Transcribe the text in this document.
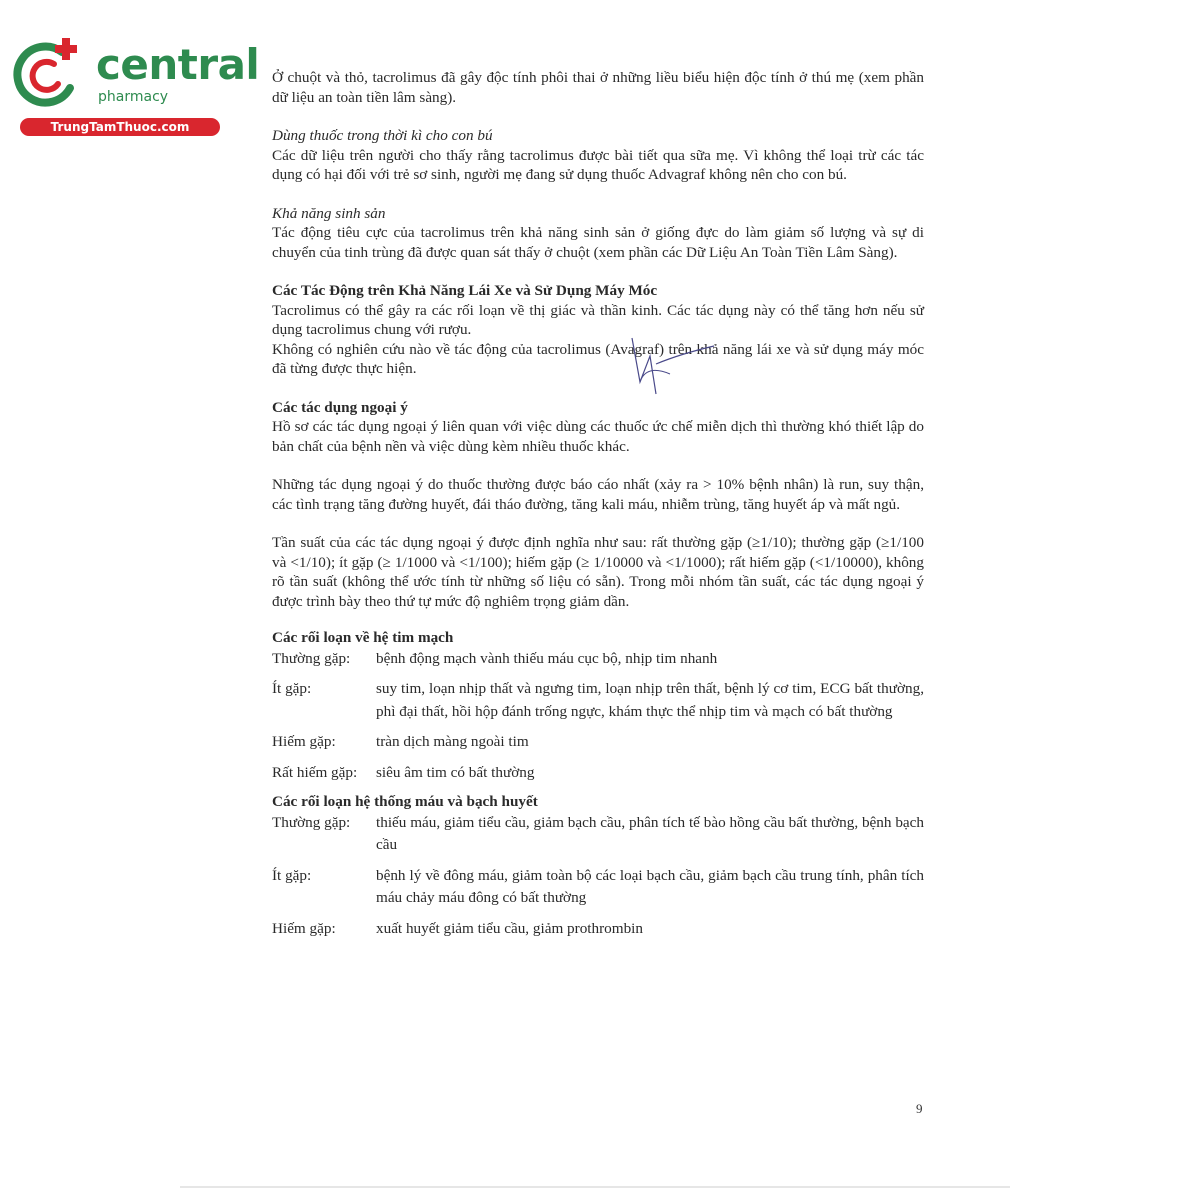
central
pharmacy
TrungTamThuoc.com

Ở chuột và thỏ, tacrolimus đã gây độc tính phôi thai ở những liều biểu hiện độc tính ở thú mẹ (xem phần dữ liệu an toàn tiền lâm sàng).

Dùng thuốc trong thời kì cho con bú

Các dữ liệu trên người cho thấy rằng tacrolimus được bài tiết qua sữa mẹ. Vì không thể loại trừ các tác dụng có hại đối với trẻ sơ sinh, người mẹ đang sử dụng thuốc Advagraf không nên cho con bú.

Khả năng sinh sản

Tác động tiêu cực của tacrolimus trên khả năng sinh sản ở giống đực do làm giảm số lượng và sự di chuyển của tinh trùng đã được quan sát thấy ở chuột (xem phần các Dữ Liệu An Toàn Tiền Lâm Sàng).

Các Tác Động trên Khả Năng Lái Xe và Sử Dụng Máy Móc

Tacrolimus có thể gây ra các rối loạn về thị giác và thần kinh. Các tác dụng này có thể tăng hơn nếu sử dụng tacrolimus chung với rượu.

Không có nghiên cứu nào về tác động của tacrolimus (Avagraf) trên khả năng lái xe và sử dụng máy móc đã từng được thực hiện.

Các tác dụng ngoại ý

Hồ sơ các tác dụng ngoại ý liên quan với việc dùng các thuốc ức chế miễn dịch thì thường khó thiết lập do bản chất của bệnh nền và việc dùng kèm nhiều thuốc khác.

Những tác dụng ngoại ý do thuốc thường được báo cáo nhất (xảy ra > 10% bệnh nhân) là run, suy thận, các tình trạng tăng đường huyết, đái tháo đường, tăng kali máu, nhiễm trùng, tăng huyết áp và mất ngủ.

Tần suất của các tác dụng ngoại ý được định nghĩa như sau: rất thường gặp (≥1/10); thường gặp (≥1/100 và <1/10); ít gặp (≥ 1/1000 và <1/100); hiếm gặp (≥ 1/10000 và <1/1000); rất hiếm gặp (<1/10000), không rõ tần suất (không thể ước tính từ những số liệu có sẵn). Trong mỗi nhóm tần suất, các tác dụng ngoại ý được trình bày theo thứ tự mức độ nghiêm trọng giảm dần.

Các rối loạn về hệ tim mạch

Thường gặp:	bệnh động mạch vành thiếu máu cục bộ, nhịp tim nhanh
Ít gặp:	suy tim, loạn nhịp thất và ngưng tim, loạn nhịp trên thất, bệnh lý cơ tim, ECG bất thường, phì đại thất, hồi hộp đánh trống ngực, khám thực thể nhịp tim và mạch có bất thường
Hiếm gặp:	tràn dịch màng ngoài tim
Rất hiếm gặp:	siêu âm tim có bất thường

Các rối loạn hệ thống máu và bạch huyết

Thường gặp:	thiếu máu, giảm tiểu cầu, giảm bạch cầu, phân tích tế bào hồng cầu bất thường, bệnh bạch cầu
Ít gặp:	bệnh lý về đông máu, giảm toàn bộ các loại bạch cầu, giảm bạch cầu trung tính, phân tích máu chảy máu đông có bất thường
Hiếm gặp:	xuất huyết giảm tiểu cầu, giảm prothrombin
9
